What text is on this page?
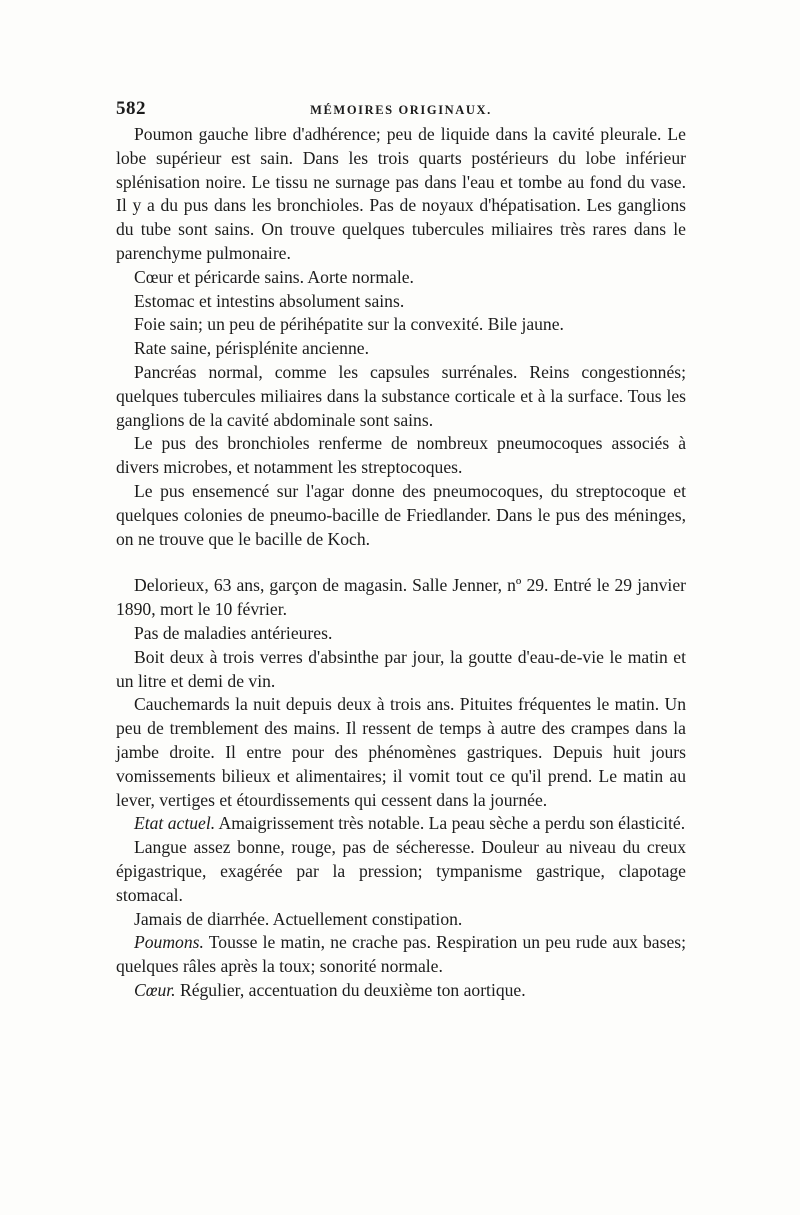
582	MÉMOIRES ORIGINAUX.

Poumon gauche libre d'adhérence; peu de liquide dans la cavité pleurale. Le lobe supérieur est sain. Dans les trois quarts postérieurs du lobe inférieur splénisation noire. Le tissu ne surnage pas dans l'eau et tombe au fond du vase. Il y a du pus dans les bronchioles. Pas de noyaux d'hépatisation. Les ganglions du tube sont sains. On trouve quelques tubercules miliaires très rares dans le parenchyme pulmonaire.

Cœur et péricarde sains. Aorte normale.

Estomac et intestins absolument sains.

Foie sain; un peu de périhépatite sur la convexité. Bile jaune.

Rate saine, périsplénite ancienne.

Pancréas normal, comme les capsules surrénales. Reins congestionnés; quelques tubercules miliaires dans la substance corticale et à la surface. Tous les ganglions de la cavité abdominale sont sains.

Le pus des bronchioles renferme de nombreux pneumocoques associés à divers microbes, et notamment les streptocoques.

Le pus ensemencé sur l'agar donne des pneumocoques, du streptocoque et quelques colonies de pneumo-bacille de Friedlander. Dans le pus des méninges, on ne trouve que le bacille de Koch.

Delorieux, 63 ans, garçon de magasin. Salle Jenner, nº 29. Entré le 29 janvier 1890, mort le 10 février.

Pas de maladies antérieures.

Boit deux à trois verres d'absinthe par jour, la goutte d'eau-de-vie le matin et un litre et demi de vin.

Cauchemards la nuit depuis deux à trois ans. Pituites fréquentes le matin. Un peu de tremblement des mains. Il ressent de temps à autre des crampes dans la jambe droite. Il entre pour des phénomènes gastriques. Depuis huit jours vomissements bilieux et alimentaires; il vomit tout ce qu'il prend. Le matin au lever, vertiges et étourdissements qui cessent dans la journée.

Etat actuel. Amaigrissement très notable. La peau sèche a perdu son élasticité.

Langue assez bonne, rouge, pas de sécheresse. Douleur au niveau du creux épigastrique, exagérée par la pression; tympanisme gastrique, clapotage stomacal.

Jamais de diarrhée. Actuellement constipation.

Poumons. Tousse le matin, ne crache pas. Respiration un peu rude aux bases; quelques râles après la toux; sonorité normale.

Cœur. Régulier, accentuation du deuxième ton aortique.
